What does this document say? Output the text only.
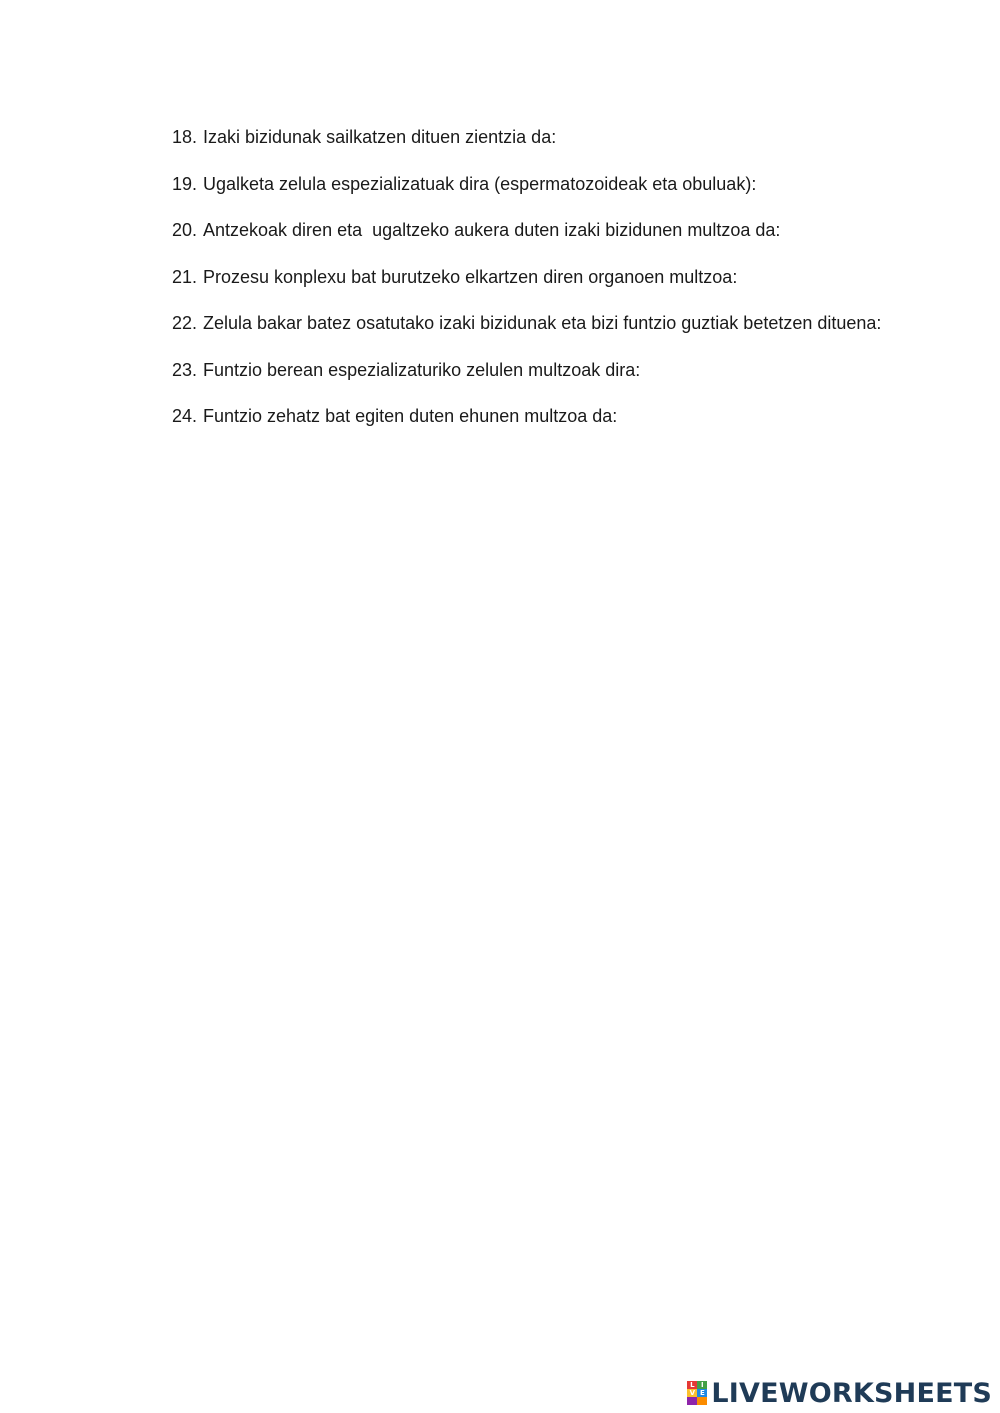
18. Izaki bizidunak sailkatzen dituen zientzia da:
19. Ugalketa zelula espezializatuak dira (espermatozoideak eta obuluak):
20. Antzekoak diren eta  ugaltzeko aukera duten izaki bizidunen multzoa da:
21. Prozesu konplexu bat burutzeko elkartzen diren organoen multzoa:
22. Zelula bakar batez osatutako izaki bizidunak eta bizi funtzio guztiak betetzen dituena:
23. Funtzio berean espezializaturiko zelulen multzoak dira:
24. Funtzio zehatz bat egiten duten ehunen multzoa da:
L I
V E LIVEWORKSHEETS
